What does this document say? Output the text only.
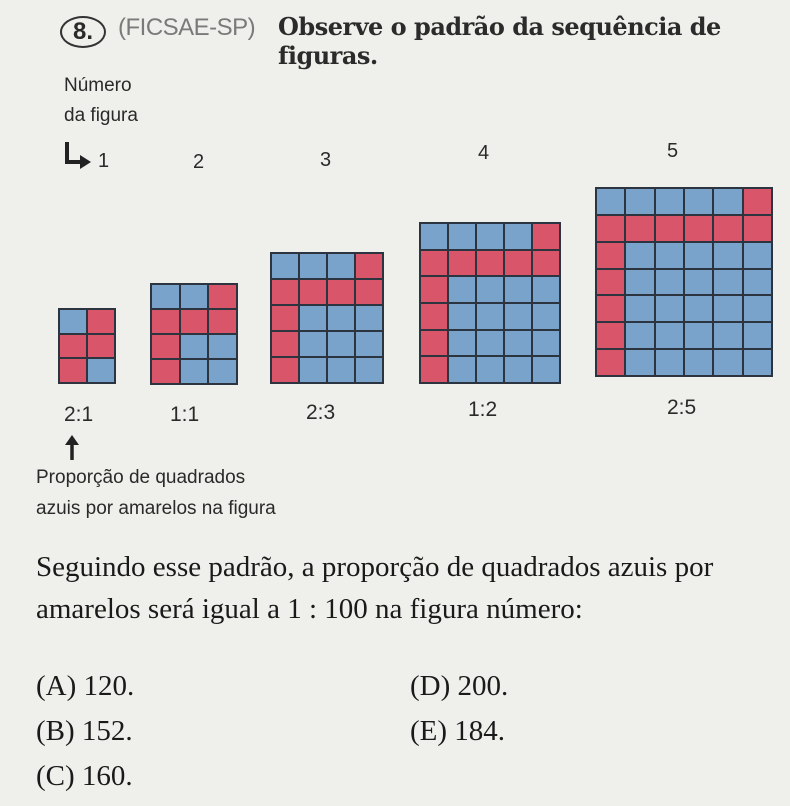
8.	(FICSAE-SP) Observe o padrão da sequência de figuras.
Número
da figura
1	2	3	4	5
2:1	1:1	2:3	1:2	2:5
Proporção de quadrados
azuis por amarelos na figura
Seguindo esse padrão, a proporção de quadrados azuis por
amarelos será igual a 1 : 100 na figura número:
(A) 120.
(B) 152.
(C) 160.
(D) 200.
(E) 184.
